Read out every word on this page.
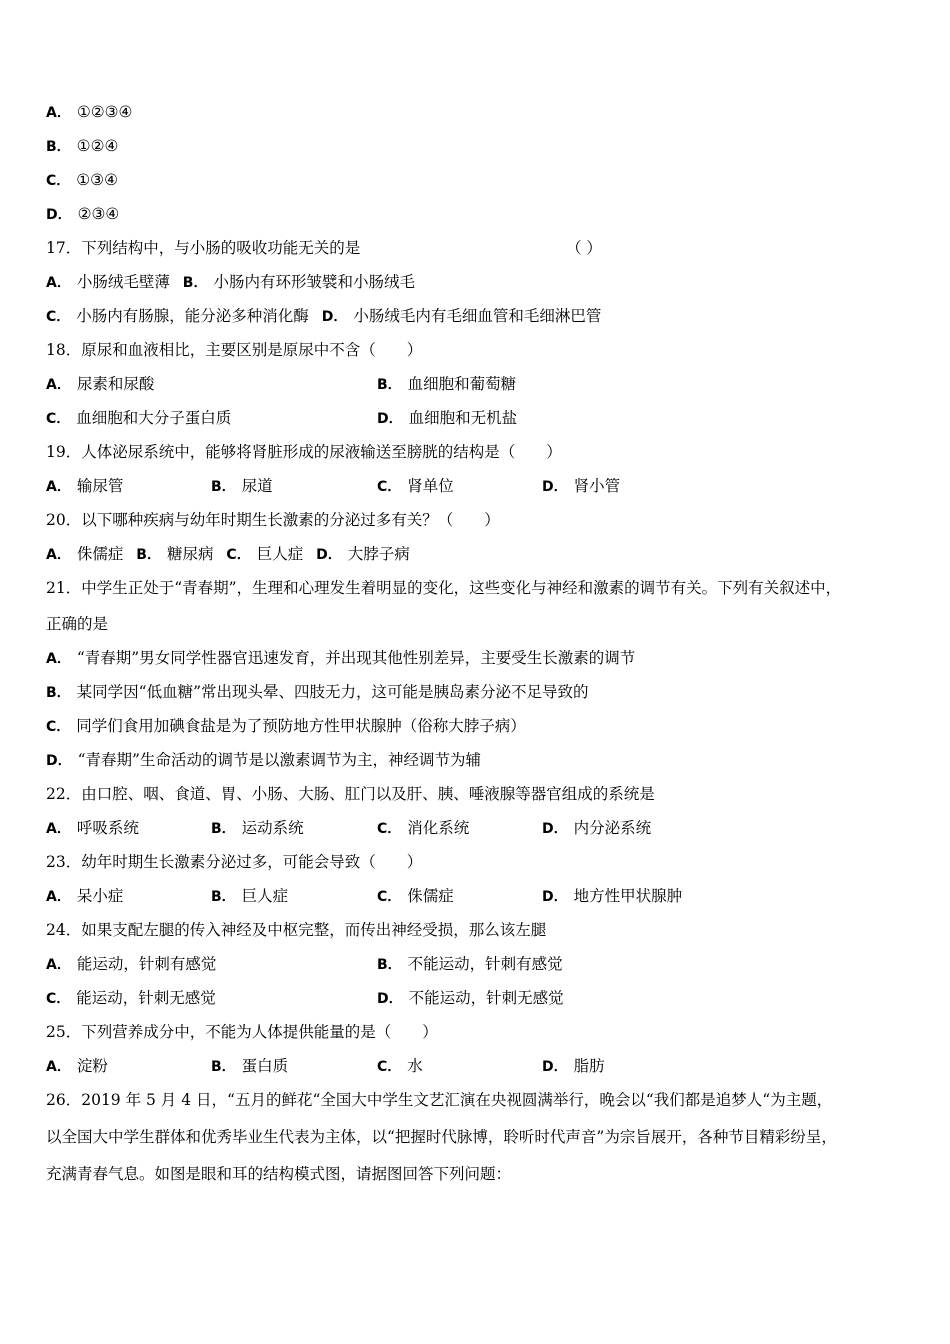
A． ①②③④
B． ①②④
C． ①③④
D． ②③④
17．下列结构中，与小肠的吸收功能无关的是	（ ）
A． 小肠绒毛壁薄 B． 小肠内有环形皱襞和小肠绒毛
C． 小肠内有肠腺，能分泌多种消化酶 D． 小肠绒毛内有毛细血管和毛细淋巴管
18．原尿和血液相比，主要区别是原尿中不含（　　）
A． 尿素和尿酸	B． 血细胞和葡萄糖
C． 血细胞和大分子蛋白质	D． 血细胞和无机盐
19．人体泌尿系统中，能够将肾脏形成的尿液输送至膀胱的结构是（　　）
A． 输尿管	B． 尿道	C． 肾单位	D． 肾小管
20．以下哪种疾病与幼年时期生长激素的分泌过多有关？（　　）
A． 侏儒症 B． 糖尿病 C． 巨人症 D． 大脖子病
21．中学生正处于“青春期”，生理和心理发生着明显的变化，这些变化与神经和激素的调节有关。下列有关叙述中，
正确的是
A． “青春期”男女同学性器官迅速发育，并出现其他性别差异，主要受生长激素的调节
B． 某同学因“低血糖”常出现头晕、四肢无力，这可能是胰岛素分泌不足导致的
C． 同学们食用加碘食盐是为了预防地方性甲状腺肿（俗称大脖子病）
D． “青春期”生命活动的调节是以激素调节为主，神经调节为辅
22．由口腔、咽、食道、胃、小肠、大肠、肛门以及肝、胰、唾液腺等器官组成的系统是
A． 呼吸系统	B． 运动系统	C． 消化系统	D． 内分泌系统
23．幼年时期生长激素分泌过多，可能会导致（　　）
A． 呆小症	B． 巨人症	C． 侏儒症	D． 地方性甲状腺肿
24．如果支配左腿的传入神经及中枢完整，而传出神经受损，那么该左腿
A． 能运动，针刺有感觉	B． 不能运动，针刺有感觉
C． 能运动，针刺无感觉	D． 不能运动，针刺无感觉
25．下列营养成分中，不能为人体提供能量的是（　　）
A． 淀粉	B． 蛋白质	C． 水	D． 脂肪
26．2019 年 5 月 4 日，“五月的鲜花“全国大中学生文艺汇演在央视圆满举行，晚会以“我们都是追梦人“为主题，
以全国大中学生群体和优秀毕业生代表为主体，以“把握时代脉博，聆听时代声音”为宗旨展开，各种节目精彩纷呈，
充满青春气息。如图是眼和耳的结构模式图，请据图回答下列问题：
